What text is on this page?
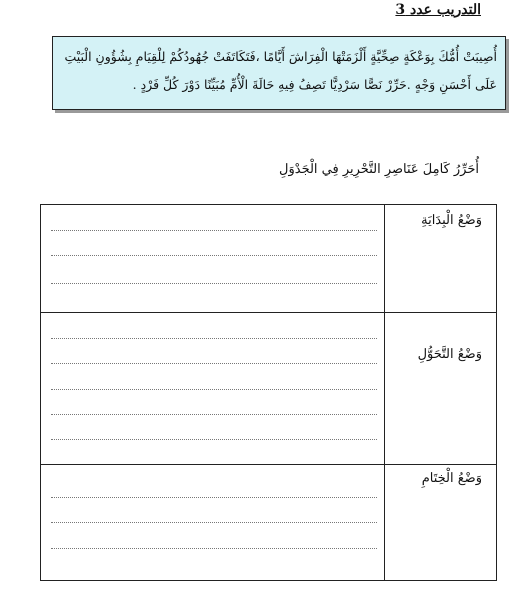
التدريب عدد 3
أُصِيبَتْ أُمُّكَ بِوَعْكَةٍ صِحِّيَّةٍ أَلْزَمَتْهَا الْفِرَاشَ أَيَّامًا ،فَتَكَاتَفَتْ جُهُودُكُمْ لِلْقِيَامِ بِشُؤُونِ الْبَيْتِ عَلَى أَحْسَنِ وَجْهٍ .حَرِّرْ نَصًّا سَرْدِيًّا تَصِفُ فِيهِ حَالَةَ الْأُمِّ مُبَيِّنًا دَوْرَ كُلِّ فَرْدٍ .
أُحَرِّرُ كَامِلَ عَنَاصِرِ التَّحْرِيرِ فِي الْجَدْوَلِ
وَضْعُ الْبِدَايَةِ
وَضْعُ التَّحَوُّلِ
وَضْعُ الْخِتَامِ
